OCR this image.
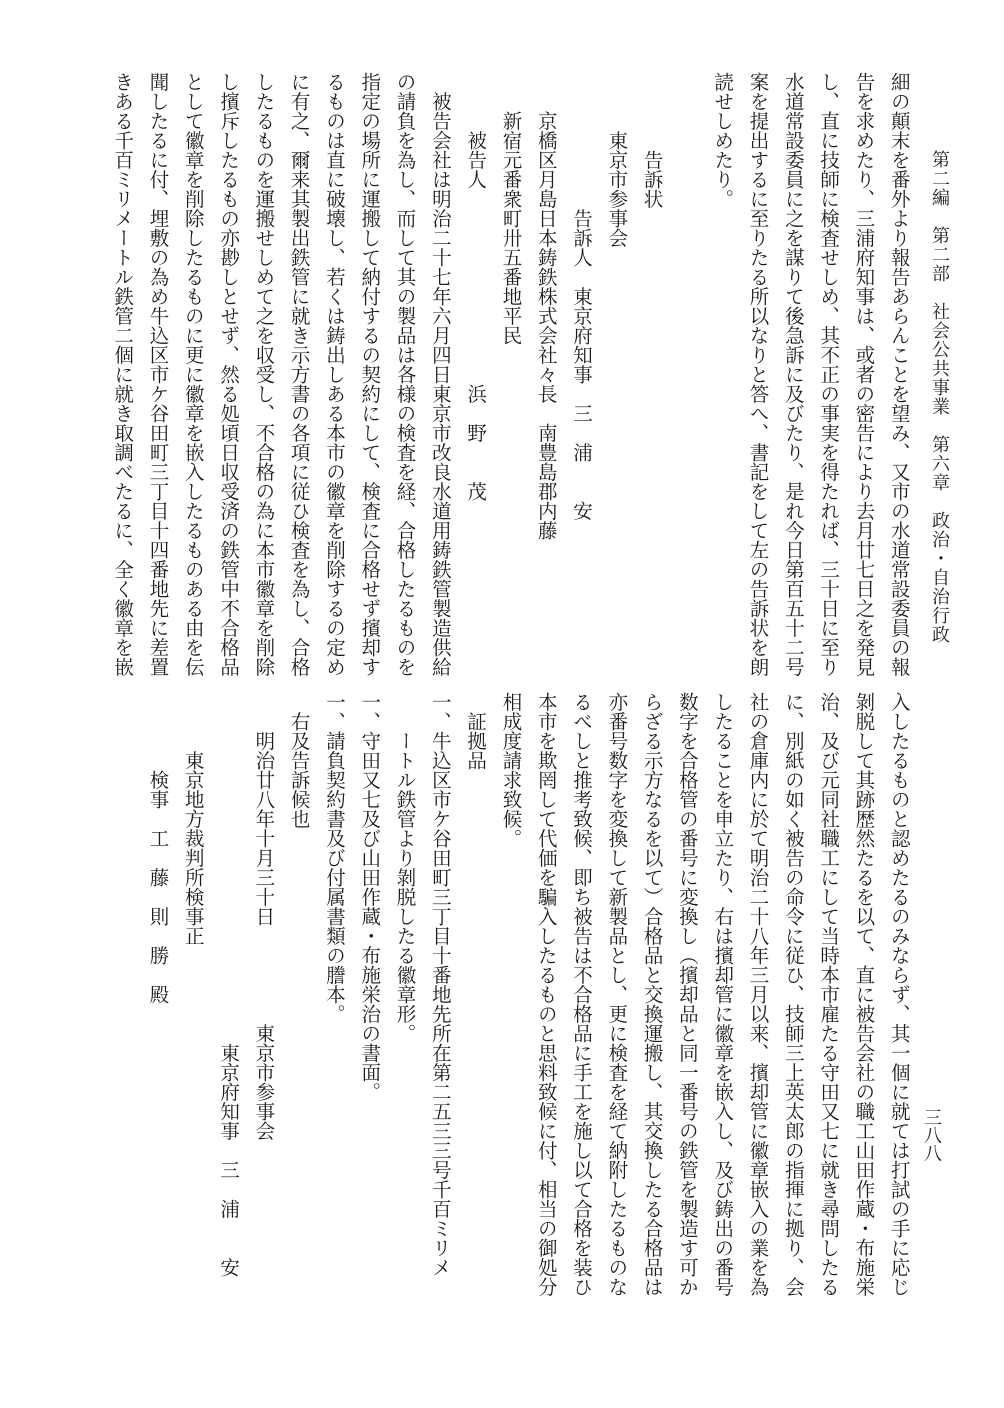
第二編　第二部　社会公共事業　第六章　政治・自治行政

細の顛末を番外より報告あらんことを望み、又市の水道常設委員の報
告を求めたり、三浦府知事は、或者の密告により去月廿七日之を発見
し、直に技師に検査せしめ、其不正の事実を得たれば、三十日に至り
水道常設委員に之を謀りて後急訴に及びたり、是れ今日第百五十二号
案を提出するに至りたる所以なりと答へ、書記をして左の告訴状を朗
読せしめたり。

　　　　告訴状
　　　東京市参事会
　　　　　　　告訴人　東京府知事　三　浦　　安
　　京橋区月島日本鋳鉄株式会社々長　南豊島郡内藤
　　新宿元番衆町卅五番地平民
　　　被告人　　　　　　　　　　浜　野　　茂
　被告会社は明治二十七年六月四日東京市改良水道用鋳鉄管製造供給
の請負を為し、而して其の製品は各様の検査を経、合格したるものを
指定の場所に運搬して納付するの契約にして、検査に合格せず擯却す
るものは直に破壊し、若くは鋳出しある本市の徽章を削除するの定め
に有之、爾来其製出鉄管に就き示方書の各項に従ひ検査を為し、合格
したるものを運搬せしめて之を収受し、不合格の為に本市徽章を削除
し擯斥したるもの亦尠しとせず、然る処頃日収受済の鉄管中不合格品
として徽章を削除したるものに更に徽章を嵌入したるものある由を伝
聞したるに付、埋敷の為め牛込区市ケ谷田町三丁目十四番地先に差置
きある千百ミリメートル鉄管二個に就き取調べたるに、全く徽章を嵌

入したるものと認めたるのみならず、其一個に就ては打試の手に応じ
剝脱して其跡歴然たるを以て、直に被告会社の職工山田作蔵・布施栄
治、及び元同社職工にして当時本市雇たる守田又七に就き尋問したる
に、別紙の如く被告の命令に従ひ、技師三上英太郎の指揮に拠り、会
社の倉庫内に於て明治二十八年三月以来、擯却管に徽章嵌入の業を為
したることを申立たり、右は擯却管に徽章を嵌入し、及び鋳出の番号
数字を合格管の番号に変換し（擯却品と同一番号の鉄管を製造す可か
らざる示方なるを以て）合格品と交換運搬し、其交換したる合格品は
亦番号数字を変換して新製品とし、更に検査を経て納附したるものな
るべしと推考致候、即ち被告は不合格品に手工を施し以て合格を装ひ
本市を欺罔して代価を騙入したるものと思料致候に付、相当の御処分
相成度請求致候。
　証拠品
一、牛込区市ケ谷田町三丁目十番地先所在第二五三三号千百ミリメ
　　ートル鉄管より剝脱したる徽章形。
一、守田又七及び山田作蔵・布施栄治の書面。
一、請負契約書及び付属書類の謄本。
　右及告訴候也
　　明治廿八年十月三十日　　　　　東京市参事会
　　　　　　　　　　　　　　　　　　東京府知事　三　浦　　安
　　　東京地方裁判所検事正
　　　　検事　工　藤　則　勝　殿
三八八
